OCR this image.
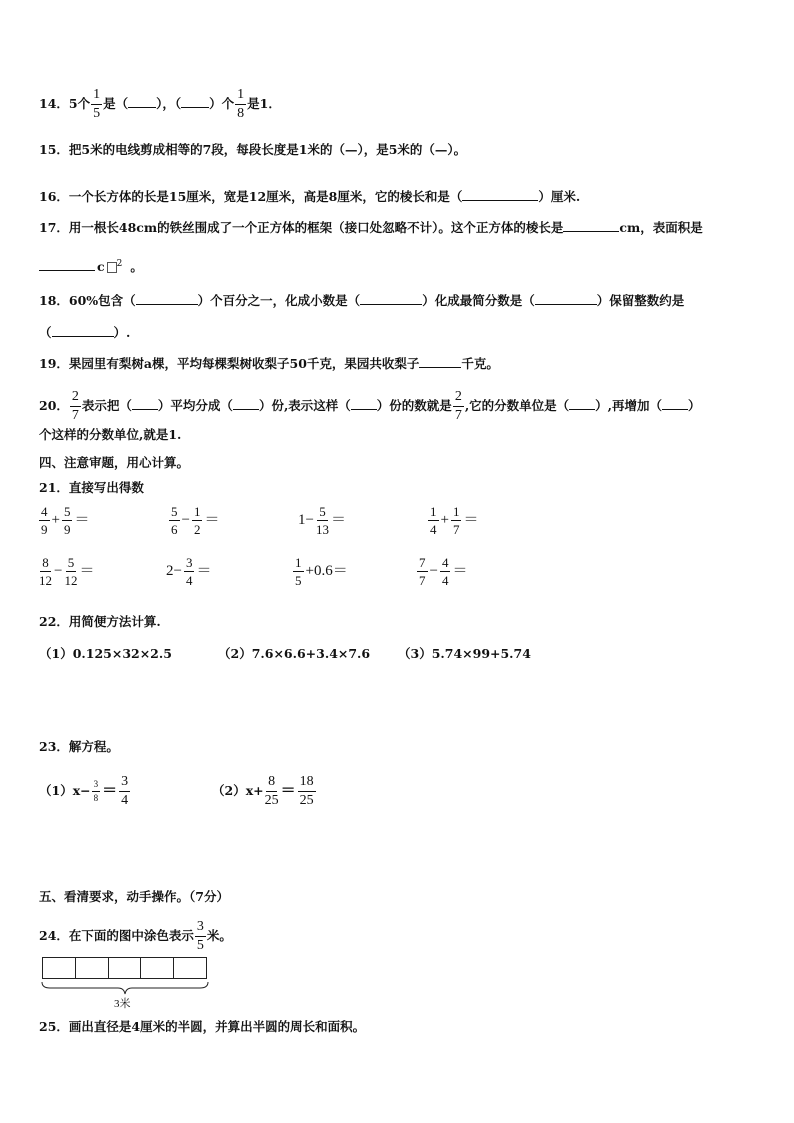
14．5个 $\frac{1}{5}$ 是（ ），（ ）个 $\frac{1}{8}$ 是1．
15．把5米的电线剪成相等的7段，每段长度是1米的（—），是5米的（—）。
16．一个长方体的长是15厘米，宽是12厘米，高是8厘米，它的棱长和是（	）厘米.
17．用一根长48cm的铁丝围成了一个正方体的框架（接口处忽略不计）。这个正方体的棱长是	cm，表面积是
c $^2$ 。
18．60%包含（	）个百分之一，化成小数是（	）化成最简分数是（	）保留整数约是
（	）.
19．果园里有梨树a棵，平均每棵梨树收梨子50千克，果园共收梨子	千克。
20． $\frac{2}{7}$ 表示把（ ）平均分成（ ）份,表示这样（ ）份的数就是 $\frac{2}{7}$ ,它的分数单位是（ ）,再增加（ ）
个这样的分数单位,就是1.
四、注意审题，用心计算。
21．直接写出得数
$\frac{4}{9} + \frac{5}{9}$ ＝	$\frac{5}{6} - \frac{1}{2}$ ＝	$1- \frac{5}{13}$ ＝	$\frac{1}{4} + \frac{1}{7}$ ＝
$\frac{8}{12} - \frac{5}{12}$ ＝	$2- \frac{3}{4}$ ＝	$\frac{1}{5} +0.6=$	$\frac{7}{7} - \frac{4}{4}$ ＝
22．用简便方法计算.
（1）0.125×32×2.5	（2）7.6×6.6+3.4×7.6 （3）5.74×99+5.74
23．解方程。
$(1)x- \frac{3}{8} = \frac{3}{4}$	$(2)x+ \frac{8}{25} = \frac{18}{25}$
五、看清要求，动手操作。（7分）
24．在下面的图中涂色表示 $\frac{3}{5}$ 米。
3米
25．画出直径是4厘米的半圆，并算出半圆的周长和面积。
